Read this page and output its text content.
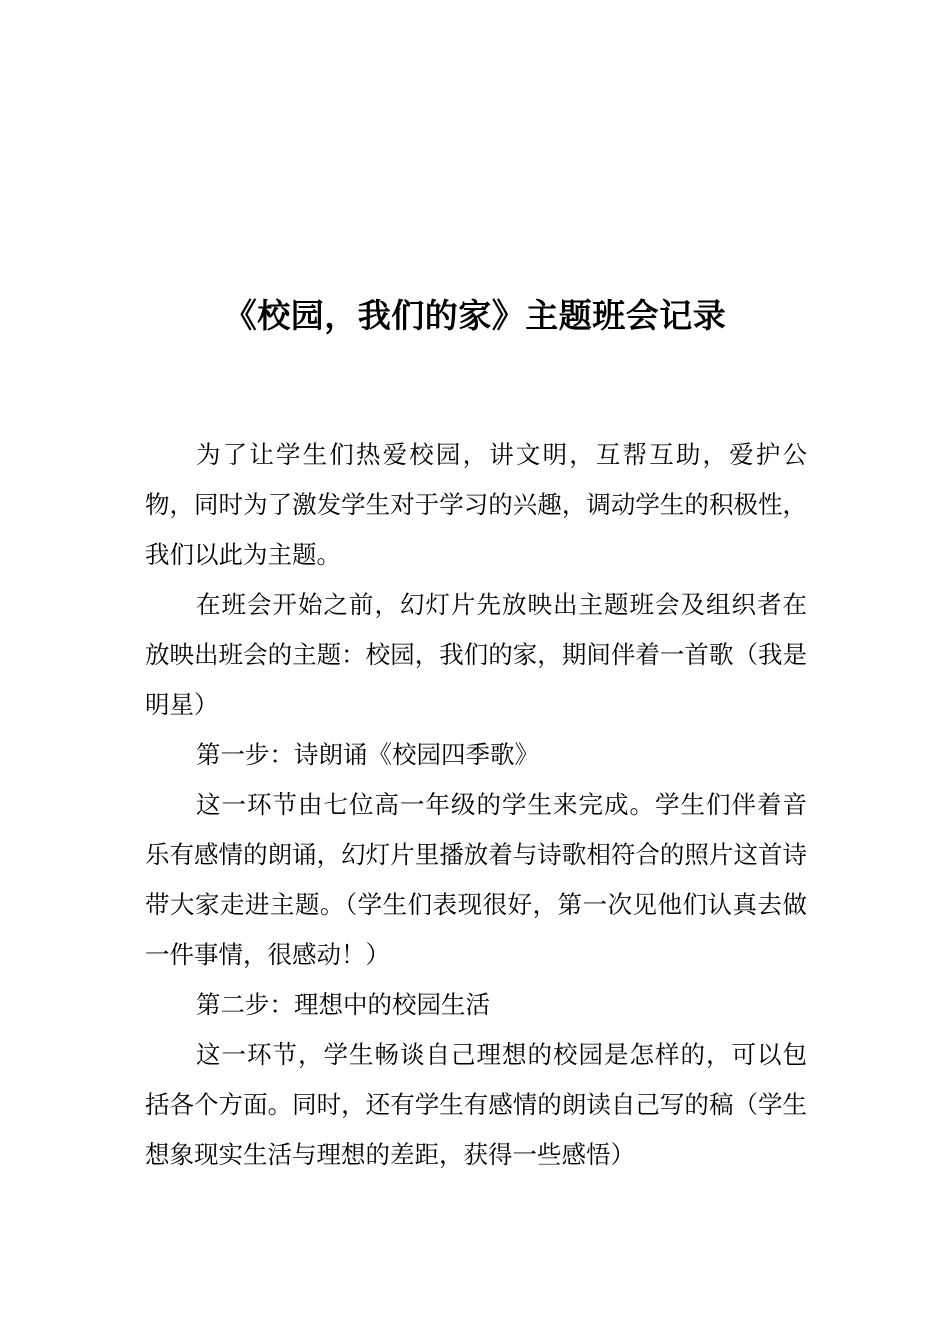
《校园，我们的家》主题班会记录

为了让学生们热爱校园，讲文明，互帮互助，爱护公物，同时为了激发学生对于学习的兴趣，调动学生的积极性，我们以此为主题。

在班会开始之前，幻灯片先放映出主题班会及组织者在放映出班会的主题：校园，我们的家，期间伴着一首歌（我是明星）

第一步：诗朗诵《校园四季歌》

这一环节由七位高一年级的学生来完成。学生们伴着音乐有感情的朗诵，幻灯片里播放着与诗歌相符合的照片这首诗带大家走进主题。（学生们表现很好，第一次见他们认真去做一件事情，很感动！）

第二步：理想中的校园生活

这一环节，学生畅谈自己理想的校园是怎样的，可以包括各个方面。同时，还有学生有感情的朗读自己写的稿（学生想象现实生活与理想的差距，获得一些感悟）
